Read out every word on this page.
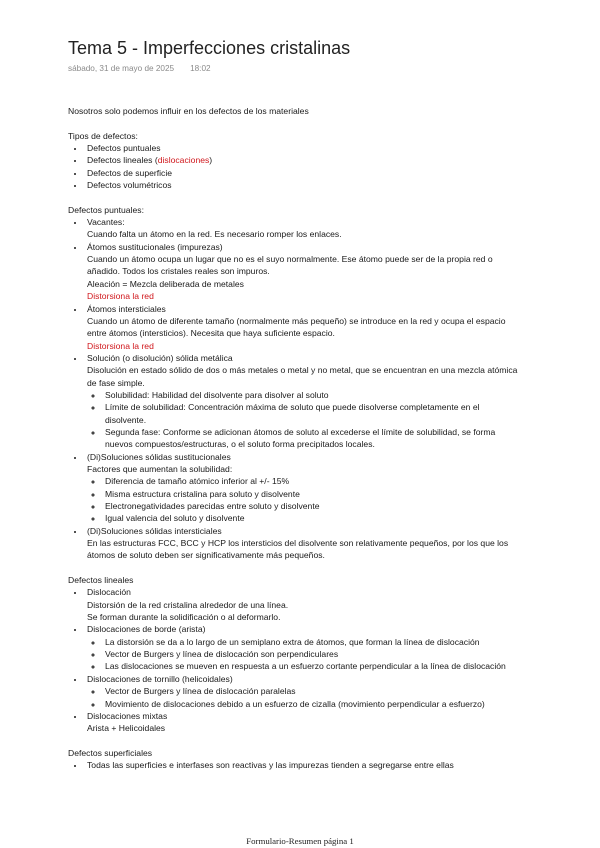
Tema 5 - Imperfecciones cristalinas
sábado, 31 de mayo de 2025 18:02

Nosotros solo podemos influir en los defectos de los materiales

Tipos de defectos:

• Defectos puntuales
• Defectos lineales (dislocaciones)
• Defectos de superficie
• Defectos volumétricos

Defectos puntuales:

• Vacantes:
Cuando falta un átomo en la red. Es necesario romper los enlaces.
• Átomos sustitucionales (impurezas)
Cuando un átomo ocupa un lugar que no es el suyo normalmente. Ese átomo puede ser de la propia red o
añadido. Todos los cristales reales son impuros.
Aleación = Mezcla deliberada de metales
Distorsiona la red
• Átomos intersticiales
Cuando un átomo de diferente tamaño (normalmente más pequeño) se introduce en la red y ocupa el espacio
entre átomos (intersticios). Necesita que haya suficiente espacio.
Distorsiona la red
• Solución (o disolución) sólida metálica
Disolución en estado sólido de dos o más metales o metal y no metal, que se encuentran en una mezcla atómica
de fase simple.
◦ Solubilidad: Habilidad del disolvente para disolver al soluto
◦ Límite de solubilidad: Concentración máxima de soluto que puede disolverse completamente en el
disolvente.
◦ Segunda fase: Conforme se adicionan átomos de soluto al excederse el límite de solubilidad, se forma
nuevos compuestos/estructuras, o el soluto forma precipitados locales.
• (Di)Soluciones sólidas sustitucionales
Factores que aumentan la solubilidad:
◦ Diferencia de tamaño atómico inferior al +/- 15%
◦ Misma estructura cristalina para soluto y disolvente
◦ Electronegatividades parecidas entre soluto y disolvente
◦ Igual valencia del soluto y disolvente
• (Di)Soluciones sólidas intersticiales
En las estructuras FCC, BCC y HCP los intersticios del disolvente son relativamente pequeños, por los que los
átomos de soluto deben ser significativamente más pequeños.

Defectos lineales

• Dislocación
Distorsión de la red cristalina alrededor de una línea.
Se forman durante la solidificación o al deformarlo.
• Dislocaciones de borde (arista)
◦ La distorsión se da a lo largo de un semiplano extra de átomos, que forman la línea de dislocación
◦ Vector de Burgers y línea de dislocación son perpendiculares
◦ Las dislocaciones se mueven en respuesta a un esfuerzo cortante perpendicular a la línea de dislocación
• Dislocaciones de tornillo (helicoidales)
◦ Vector de Burgers y línea de dislocación paralelas
◦ Movimiento de dislocaciones debido a un esfuerzo de cizalla (movimiento perpendicular a esfuerzo)
• Dislocaciones mixtas
Arista + Helicoidales

Defectos superficiales

• Todas las superficies e interfases son reactivas y las impurezas tienden a segregarse entre ellas
Formulario-Resumen página 1
